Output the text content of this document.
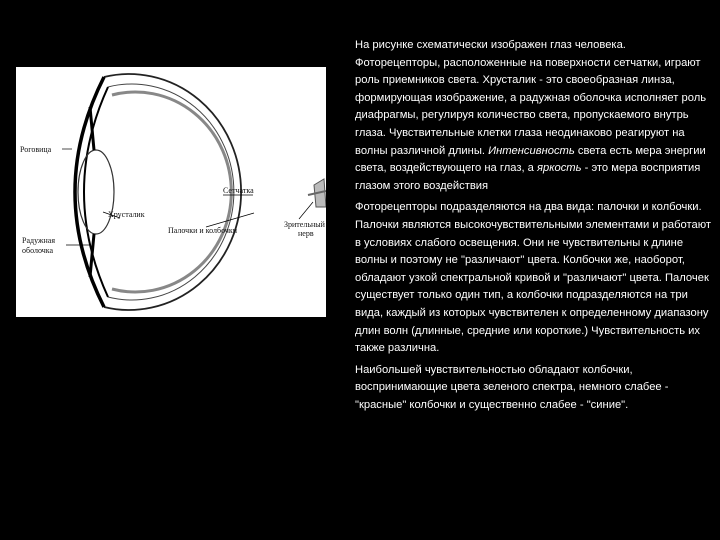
Роговица
Хрусталик
Радужная оболочка
Сетчатка
Палочки и колбочки
Зрительный нерв

На рисунке схематически изображен глаз человека. Фоторецепторы, расположенные на поверхности сетчатки, играют роль приемников света. Хрусталик - это своеобразная линза, формирующая изображение, а радужная оболочка исполняет роль диафрагмы, регулируя количество света, пропускаемого внутрь глаза. Чувствительные клетки глаза неодинаково реагируют на волны различной длины. Интенсивность света есть мера энергии света, воздействующего на глаз, а яркость - это мера восприятия глазом этого воздействия

Фоторецепторы подразделяются на два вида: палочки и колбочки. Палочки являются высокочувствительными элементами и работают в условиях слабого освещения. Они не чувствительны к длине волны и поэтому не "различают" цвета. Колбочки же, наоборот, обладают узкой спектральной кривой и "различают" цвета. Палочек существует только один тип, а колбочки подразделяются на три вида, каждый из которых чувствителен к определенному диапазону длин волн (длинные, средние или короткие.) Чувствительность их также различна.

Наибольшей чувствительностью обладают колбочки, воспринимающие цвета зеленого спектра, немного слабее - "красные" колбочки и существенно слабее - "синие".
